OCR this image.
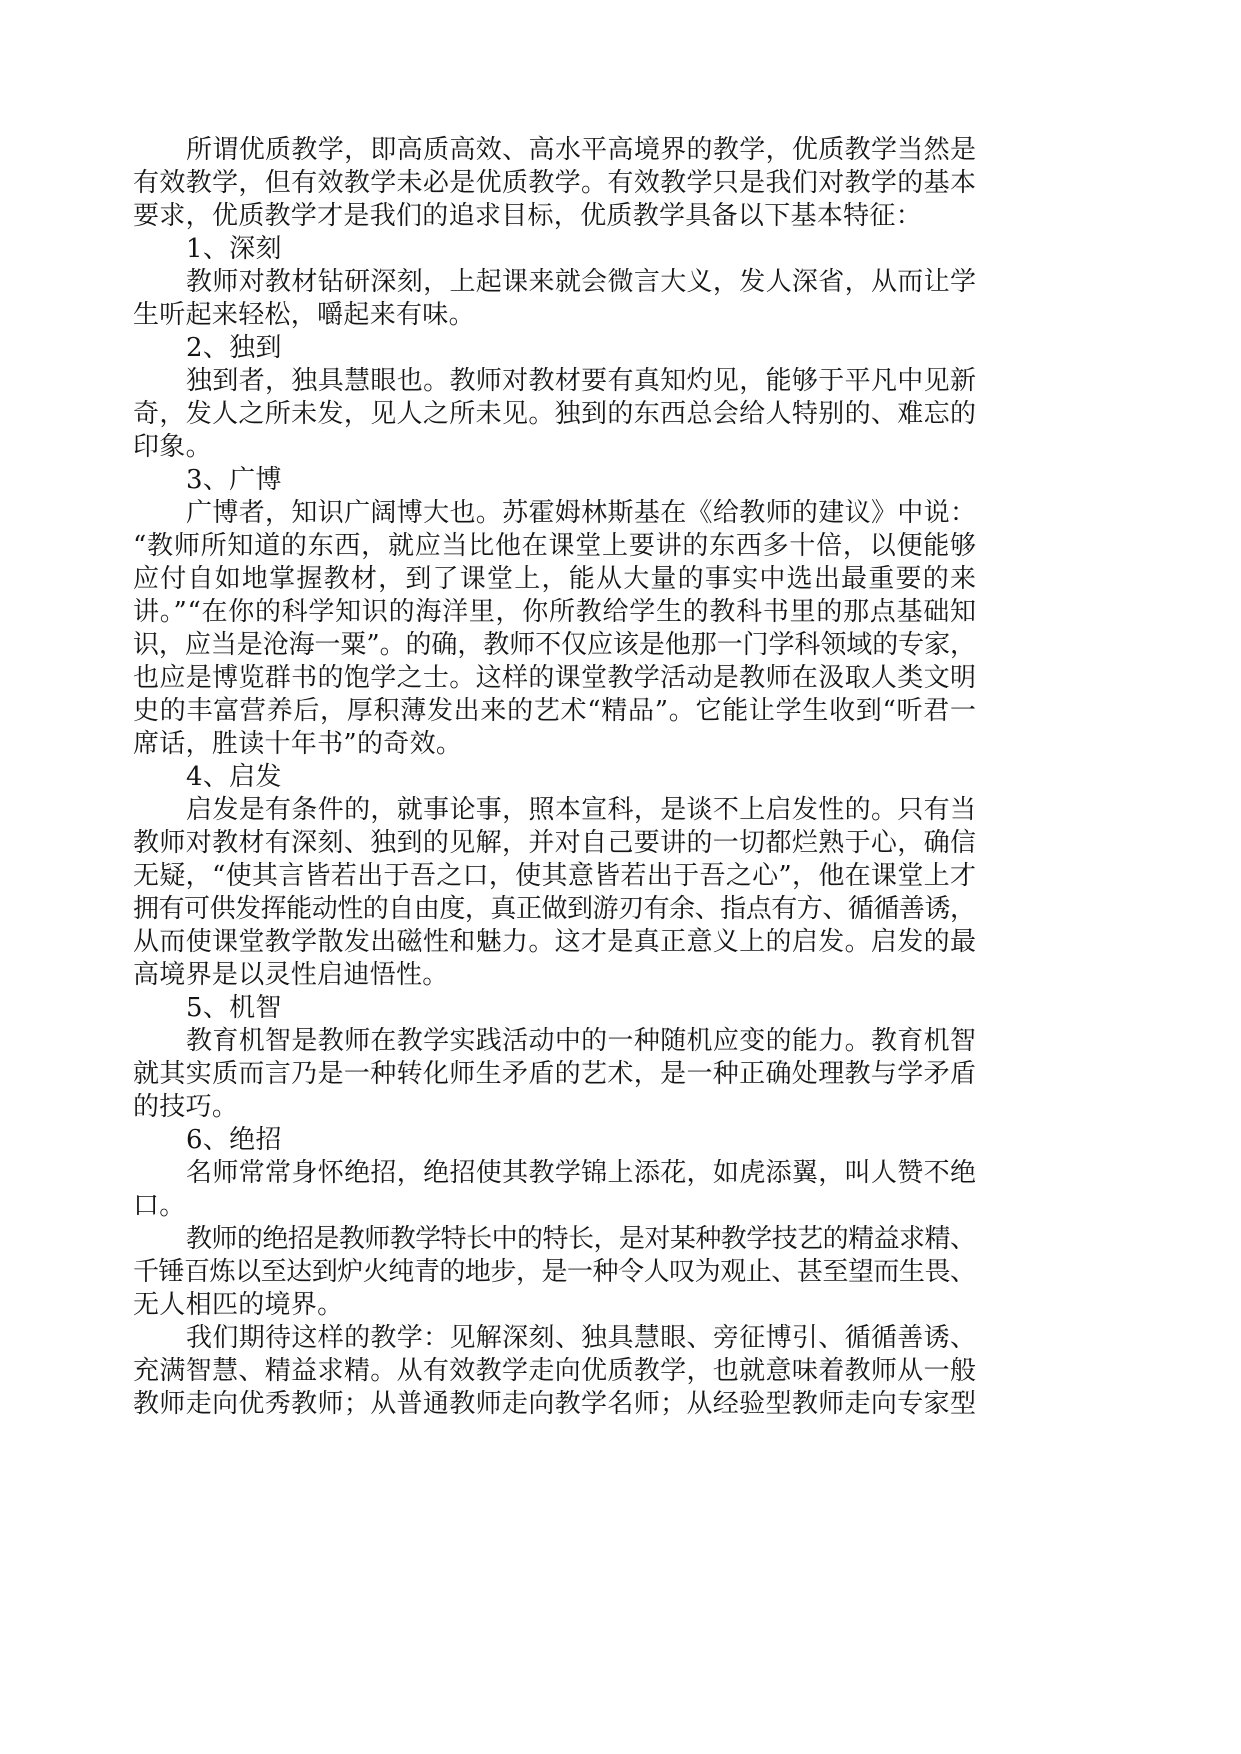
所谓优质教学，即高质高效、高水平高境界的教学，优质教学当然是
有效教学，但有效教学未必是优质教学。有效教学只是我们对教学的基本
要求，优质教学才是我们的追求目标，优质教学具备以下基本特征：
1、深刻
教师对教材钻研深刻，上起课来就会微言大义，发人深省，从而让学
生听起来轻松，嚼起来有味。
2、独到
独到者，独具慧眼也。教师对教材要有真知灼见，能够于平凡中见新
奇，发人之所未发，见人之所未见。独到的东西总会给人特别的、难忘的
印象。
3、广博
广博者，知识广阔博大也。苏霍姆林斯基在《给教师的建议》中说：
“教师所知道的东西，就应当比他在课堂上要讲的东西多十倍，以便能够
应付自如地掌握教材，到了课堂上，能从大量的事实中选出最重要的来
讲。”“在你的科学知识的海洋里，你所教给学生的教科书里的那点基础知
识，应当是沧海一粟”。的确，教师不仅应该是他那一门学科领域的专家，
也应是博览群书的饱学之士。这样的课堂教学活动是教师在汲取人类文明
史的丰富营养后，厚积薄发出来的艺术“精品”。它能让学生收到“听君一
席话，胜读十年书”的奇效。
4、启发
启发是有条件的，就事论事，照本宣科，是谈不上启发性的。只有当
教师对教材有深刻、独到的见解，并对自己要讲的一切都烂熟于心，确信
无疑，“使其言皆若出于吾之口，使其意皆若出于吾之心”，他在课堂上才
拥有可供发挥能动性的自由度，真正做到游刃有余、指点有方、循循善诱，
从而使课堂教学散发出磁性和魅力。这才是真正意义上的启发。启发的最
高境界是以灵性启迪悟性。
5、机智
教育机智是教师在教学实践活动中的一种随机应变的能力。教育机智
就其实质而言乃是一种转化师生矛盾的艺术，是一种正确处理教与学矛盾
的技巧。
6、绝招
名师常常身怀绝招，绝招使其教学锦上添花，如虎添翼，叫人赞不绝
口。
教师的绝招是教师教学特长中的特长，是对某种教学技艺的精益求精、
千锤百炼以至达到炉火纯青的地步，是一种令人叹为观止、甚至望而生畏、
无人相匹的境界。
我们期待这样的教学：见解深刻、独具慧眼、旁征博引、循循善诱、
充满智慧、精益求精。从有效教学走向优质教学，也就意味着教师从一般
教师走向优秀教师；从普通教师走向教学名师；从经验型教师走向专家型
